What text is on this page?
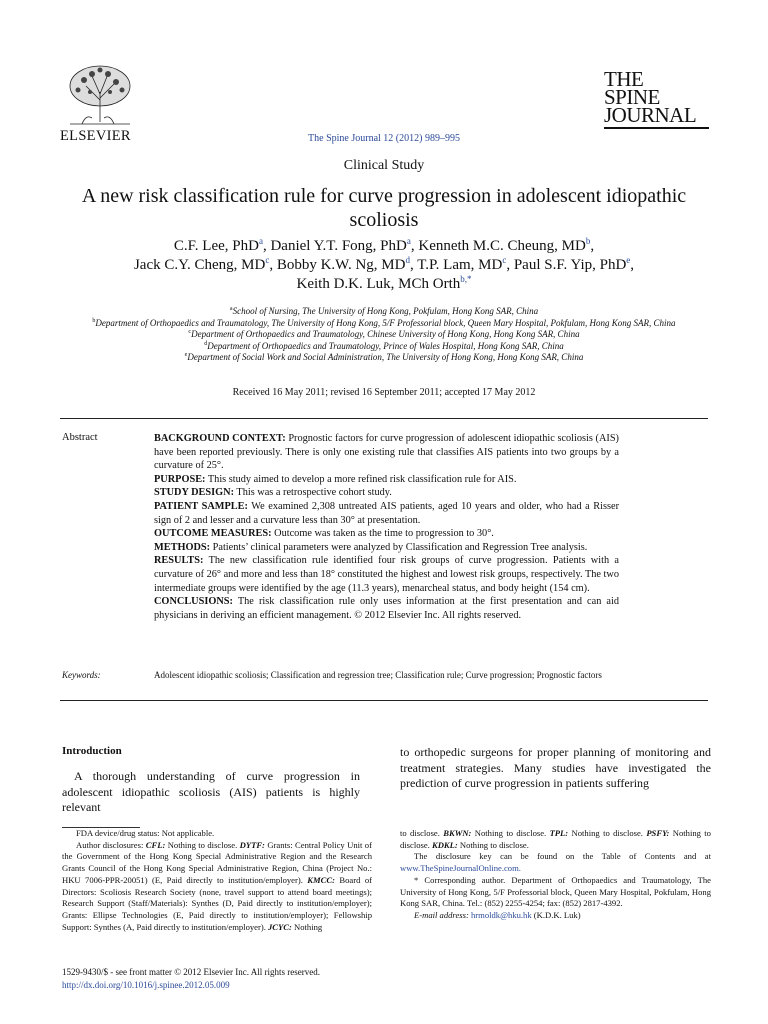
ELSEVIER	The Spine Journal 12 (2012) 989–995
THE
SPINE
JOURNAL
Clinical Study
A new risk classification rule for curve progression in adolescent idiopathic scoliosis
C.F. Lee, PhD$^a$, Daniel Y.T. Fong, PhD$^a$, Kenneth M.C. Cheung, $MD^b$,
Jack C.Y. Cheng, $MD^c$, Bobby K.W. Ng, $MD^d$, T.P. Lam, $MD^c$, Paul S.F. Yip, PhD$^e$,
Keith D.K. Luk, MCh Orth$^{b,*}$
$^a$School of Nursing, The University of Hong Kong, Pokfulam, Hong Kong SAR, China
$^b$Department of Orthopaedics and Traumatology, The University of Hong Kong, 5/F Professorial block, Queen Mary Hospital, Pokfulam, Hong Kong SAR, China
$^c$Department of Orthopaedics and Traumatology, Chinese University of Hong Kong, Hong Kong SAR, China
$^d$Department of Orthopaedics and Traumatology, Prince of Wales Hospital, Hong Kong SAR, China
$^e$Department of Social Work and Social Administration, The University of Hong Kong, Hong Kong SAR, China
Received 16 May 2011; revised 16 September 2011; accepted 17 May 2012
Abstract	BACKGROUND CONTEXT: Prognostic factors for curve progression of adolescent idiopathic scoliosis (AIS) have been reported previously. There is only one existing rule that classifies AIS patients into two groups by a curvature of 25°.

PURPOSE: This study aimed to develop a more refined risk classification rule for AIS.

STUDY DESIGN: This was a retrospective cohort study.

PATIENT SAMPLE: We examined 2,308 untreated AIS patients, aged 10 years and older, who had a Risser sign of 2 and lesser and a curvature less than 30° at presentation.

OUTCOME MEASURES: Outcome was taken as the time to progression to 30°.

METHODS: Patients’ clinical parameters were analyzed by Classification and Regression Tree analysis.

RESULTS: The new classification rule identified four risk groups of curve progression. Patients with a curvature of 26° and more and less than 18° constituted the highest and lowest risk groups, respectively. The two intermediate groups were identified by the age (11.3 years), menarcheal status, and body height (154 cm).

CONCLUSIONS: The risk classification rule only uses information at the first presentation and can aid physicians in deriving an efficient management. © 2012 Elsevier Inc. All rights reserved.

Keywords:	Adolescent idiopathic scoliosis; Classification and regression tree; Classification rule; Curve progression; Prognostic factors
Introduction
A thorough understanding of curve progression in adolescent idiopathic scoliosis (AIS) patients is highly relevant
to orthopedic surgeons for proper planning of monitoring and treatment strategies. Many studies have investigated the prediction of curve progression in patients suffering

FDA device/drug status: Not applicable.

Author disclosures: CFL: Nothing to disclose. DYTF: Grants: Central Policy Unit of the Government of the Hong Kong Special Administrative Region and the Research Grants Council of the Hong Kong Special Administrative Region, China (Project No.: HKU 7006-PPR-20051) (E, Paid directly to institution/employer). KMCC: Board of Directors: Scoliosis Research Society (none, travel support to attend board meetings); Research Support (Staff/Materials): Synthes (D, Paid directly to institution/employer); Grants: Ellipse Technologies (E, Paid directly to institution/employer); Fellowship Support: Synthes (A, Paid directly to institution/employer). JCYC: Nothing

to disclose. BKWN: Nothing to disclose. TPL: Nothing to disclose. PSFY: Nothing to disclose. KDKL: Nothing to disclose.

The disclosure key can be found on the Table of Contents and at www.TheSpineJournalOnline.com.

* Corresponding author. Department of Orthopaedics and Traumatology, The University of Hong Kong, 5/F Professorial block, Queen Mary Hospital, Pokfulam, Hong Kong SAR, China. Tel.: (852) 2255-4254; fax: (852) 2817-4392.

E-mail address: hrmoldk@hku.hk (K.D.K. Luk)

1529-9430/$ - see front matter © 2012 Elsevier Inc. All rights reserved.
http://dx.doi.org/10.1016/j.spinee.2012.05.009
